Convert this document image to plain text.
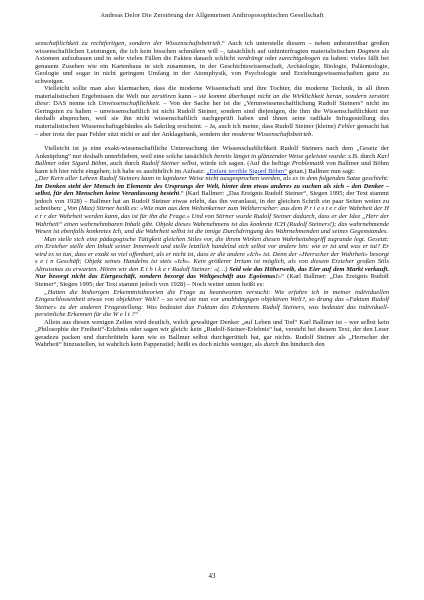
Andreas Delor Die Zerstörung der Allgemeinen Anthroposophischen Gesellschaft

senschaftlichkeit zu rechtfertigen, sondern der Wissenschaftsbetrieb.“ Auch ich unterstelle diesem – neben unbestreitbar großen wissenschaftlichen Leistungen, die ich kein bisschen schmälern will –, tatsächlich auf unhinterfragten materialistischen Dogmen als Axiomen aufzubauen und in sehr vielen Fällen die Fakten danach schlicht verdrängt oder zurechtgebogen zu haben: vieles fällt bei genauem Zusehen wie ein Kartenhaus in sich zusammen, in der Geschichtswissenschaft, Archäologie, Biologie, Paläontologie, Geologie und sogar in nicht geringem Umfang in der Atomphysik, von Psychologie und Erziehungswissenschaften ganz zu schweigen.

Vielleicht sollte man also klarmachen, dass die moderne Wissenschaft und ihre Tochter, die moderne Technik, in all ihren materialistischen Ergebnissen die Welt nur zerstören kann – sie kommt überhaupt nicht an die Wirklichkeit heran, sondern zerstört diese: DAS nenne ich Unwissenschaftlichkeit. – Von der Sache her ist die „Verunwissenschaftlichung Rudolf Steiners“ nicht im Geringsten zu halten – unwissenschaftlich ist nicht Rudolf Steiner, sondern sind diejenigen, die ihm die Wissenschaftlichkeit nur deshalb absprechen, weil sie ihn nicht wissenschaftlich nachgeprüft haben und ihnen seine radikale Infragestellung des materialistischen Wissenschaftsgebäudes als Sakrileg erscheint. – Ja, auch ich meine, dass Rudolf Steiner (kleine) Fehler gemacht hat – aber trotz der paar Fehler sitzt nicht er auf der Anklagebank, sondern der moderne Wissenschaftsbetrieb.

Vielleicht ist ja eine exakt-wissenschaftliche Untersuchung der Wissenschaftlichkeit Rudolf Steiners nach dem „Gesetz der Anknüpfung“ nur deshalb unterblieben, weil eine solche tatsächlich bereits längst in glänzender Weise geleistet wurde: z.B. durch Karl Ballmer oder Sigurd Böhm, auch durch Rudolf Steiner selbst, würde ich sagen. (Auf die heftige Problematik von Ballmer und Böhm kann ich hier nicht eingehen; ich habe es ausführlich im Aufsatz: „Enfant terrible Sigurd Böhm“ getan.) Ballmer nun sagt:

„Der Kern aller Lehren Rudolf Steiners kann in lapidarer Weise nicht ausgesprochen werden, als es in dem folgenden Satze geschieht: Im Denken steht der Mensch im Elemente des Ursprungs der Welt, hinter dem etwas anderes zu suchen als sich – den Denker – selbst, für den Menschen keine Veranlassung besteht.“ (Karl Ballmer: „Das Ereignis Rudolf Steiner“, Siegen 1995; der Text stammt jedoch von 1928) – Ballmer hat an Rudolf Steiner etwas erlebt, das ihn veranlasst, in der gleichen Schrift ein paar Seiten weiter zu schreiben: „Von (Max) Stirner heißt es: «Wie man aus dem Weltenkerner zum Weltherrscher: aus dem P r i e s t e r der Wahrheit der H e r r der Wahrheit werden kann, das ist für ihn die Frage.» Und von Stirner wurde Rudolf Steiner dadurch, dass er der Idee „Herr der Wahrheit“ einen wahrnehmbaren Inhalt gibt. Objekt dieses Wahrnehmens ist das konkrete ICH (Rudolf Steiners!); das wahrnehmende Wesen ist ebenfalls konkretes Ich, und die Wahrheit selbst ist die innige Durchdringung des Wahrnehmenden und seines Gegenstandes.

Man stelle sich eine pädagogische Tätigkeit gleichen Stiles vor, die ihrem Wirken diesen Wahrheitsbegriff zugrunde legt. Gesetzt: ein Erzieher stelle den Inhalt seiner Innenwelt und stelle letztlich handelnd sich selbst vor andere hin: wie er ist und was er tut? Er wird es so tun, dass er exakt so viel offenbart, als er nicht ist, dass er die andere «Ich» ist. Denn der «Herrscher der Wahrheit» besorgt s e i n Geschäft; Objekt seines Handelns ist stets «Ich». Kein größerer Irrtum ist möglich, als von diesem Erzieher großen Stils Altruismus zu erwarten. Hören wir den E t h i k e r Rudolf Steiner: «(…) Seid wie das Höherweib, das Eier auf dem Markt verkauft. Nur besorgt nicht das Eiergeschäft, sondern besorgt das Weltgeschäft aus Egoismus!»“ (Karl Ballmer: „Das Ereignis Rudolf Steiner“, Siegen 1995; der Text stammt jedoch von 1928) – Noch weiter unten heißt es:

„Hatten die bisherigen Erkenntnistheorien die Frage zu beantworten versucht: Wie erfahre ich in meiner individuellen Eingeschlossenheit etwas von objektiver Welt? – so wird sie nun vor unabhängigen objektiven Welt?, so drang das «Faktum Rudolf Steiner» zu der anderen Fragestellung: Was bedeutet das Faktum des Erkennens Rudolf Steiners, was bedeutet das individuell-persönliche Erkennen für die W e l t ?“

Allein aus diesen wenigen Zeilen wird deutlich, welch gewaltiger Denker „auf Leben und Tod“ Karl Ballmer ist – wer selbst kein „Philosophie der Freiheit“-Erlebnis oder sagen wir gleich: kein „Rudolf-Steiner-Erlebnis“ hat, versteht bei diesem Text, der den Leser geradezu packen und durchrütteln kann wie es Ballmer selbst durchgerüttelt hat, gar nichts. Rudolf Steiner als „Herrscher der Wahrheit“ hinzustellen, ist wahrlich kein Pappenstiel; heißt es doch nichts weniger, als durch ihn hindurch den

43
